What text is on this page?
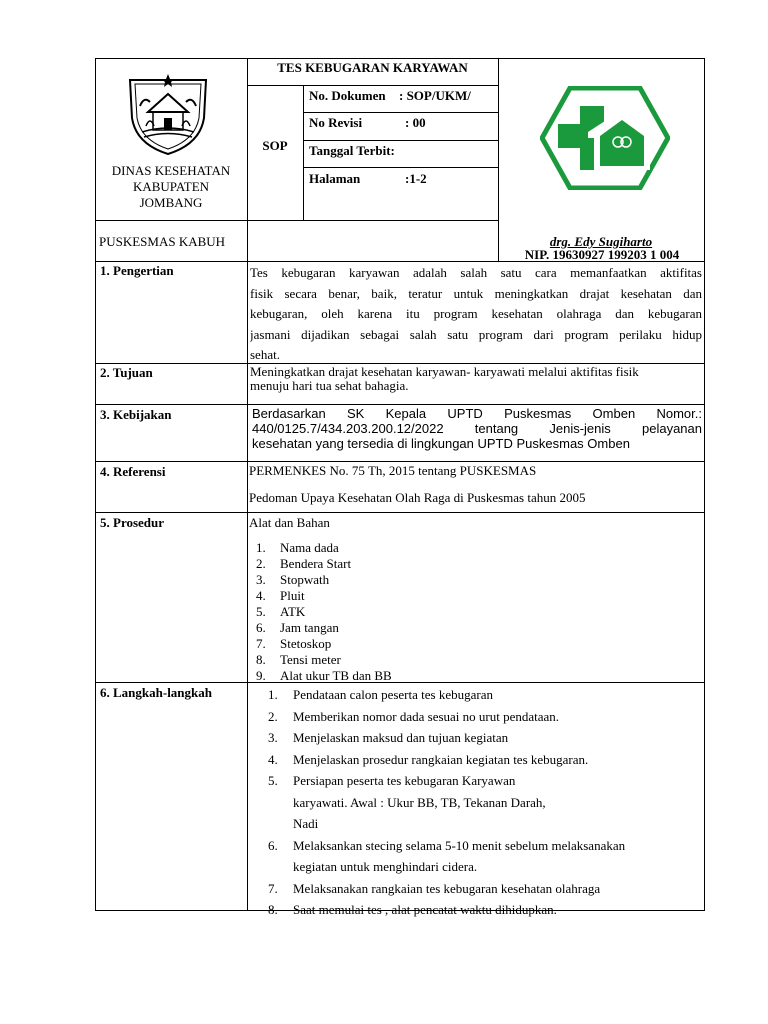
DINAS KESEHATAN
KABUPATEN
JOMBANG
PUSKESMAS KABUH
TES KEBUGARAN KARYAWAN
SOP
No. Dokumen : SOP/UKM/
No Revisi	: 00
Tanggal Terbit:
Halaman	:1-2
drg. Edy Sugiharto
NIP. 19630927 199203 1 004
1. Pengertian
2. Tujuan
3. Kebijakan
4. Referensi
5. Prosedur
6. Langkah-langkah
Tes kebugaran karyawan adalah salah satu cara memanfaatkan aktifitas
fisik secara benar, baik, teratur untuk meningkatkan drajat kesehatan dan
kebugaran, oleh karena itu program kesehatan olahraga dan kebugaran
jasmani dijadikan sebagai salah satu program dari program perilaku hidup
sehat.
Meningkatkan drajat kesehatan karyawan- karyawati melalui aktifitas fisik
menuju hari tua sehat bahagia.
Berdasarkan SK Kepala UPTD Puskesmas Omben Nomor.:
440/0125.7/434.203.200.12/2022 tentang Jenis-jenis pelayanan
kesehatan yang tersedia di lingkungan UPTD Puskesmas Omben
PERMENKES No. 75 Th, 2015 tentang PUSKESMAS
Pedoman Upaya Kesehatan Olah Raga di Puskesmas tahun 2005
Alat dan Bahan
1. Nama dada
2. Bendera Start
3. Stopwath
4. Pluit
5. ATK
6. Jam tangan
7. Stetoskop
8. Tensi meter
9. Alat ukur TB dan BB
1. Pendataan calon peserta tes kebugaran
2. Memberikan nomor dada sesuai no urut pendataan.
3. Menjelaskan maksud dan tujuan kegiatan
4. Menjelaskan prosedur rangkaian kegiatan tes kebugaran.
5. Persiapan peserta tes kebugaran Karyawan
karyawati. Awal : Ukur BB, TB, Tekanan Darah,
Nadi
6. Melaksankan stecing selama 5-10 menit sebelum melaksanakan
kegiatan untuk menghindari cidera.
7. Melaksanakan rangkaian tes kebugaran kesehatan olahraga
8. Saat memulai tes , alat pencatat waktu dihidupkan.
